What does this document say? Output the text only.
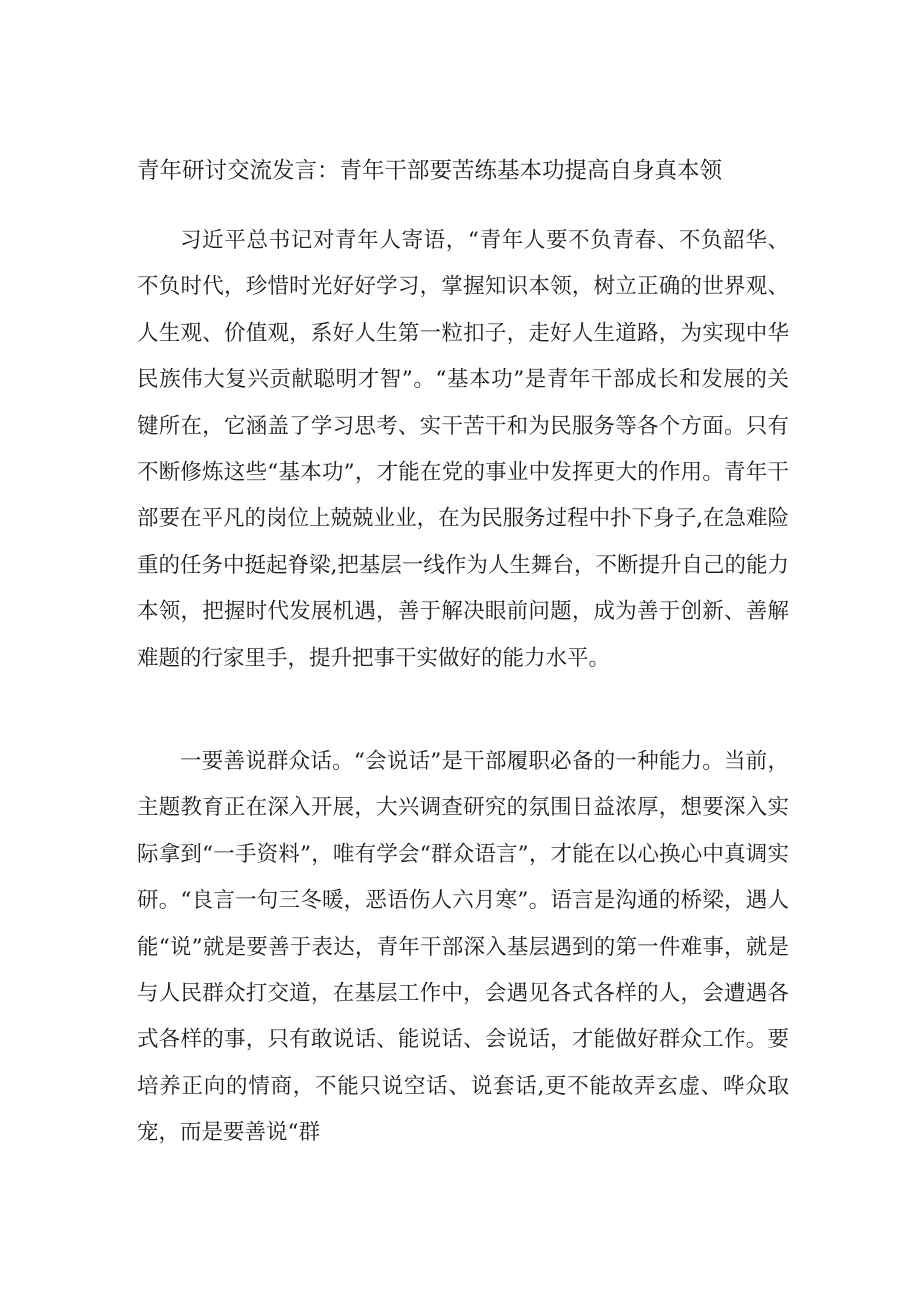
青年研讨交流发言：青年干部要苦练基本功提高自身真本领

习近平总书记对青年人寄语，“青年人要不负青春、不负韶华、不负时代，珍惜时光好好学习，掌握知识本领，树立正确的世界观、人生观、价值观，系好人生第一粒扣子，走好人生道路，为实现中华民族伟大复兴贡献聪明才智”。“基本功”是青年干部成长和发展的关键所在，它涵盖了学习思考、实干苦干和为民服务等各个方面。只有不断修炼这些“基本功”，才能在党的事业中发挥更大的作用。青年干部要在平凡的岗位上兢兢业业，在为民服务过程中扑下身子,在急难险重的任务中挺起脊梁,把基层一线作为人生舞台，不断提升自己的能力本领，把握时代发展机遇，善于解决眼前问题，成为善于创新、善解难题的行家里手，提升把事干实做好的能力水平。

一要善说群众话。“会说话”是干部履职必备的一种能力。当前，主题教育正在深入开展，大兴调查研究的氛围日益浓厚，想要深入实际拿到“一手资料”，唯有学会“群众语言”，才能在以心换心中真调实研。“良言一句三冬暖，恶语伤人六月寒”。语言是沟通的桥梁，遇人能“说”就是要善于表达，青年干部深入基层遇到的第一件难事，就是与人民群众打交道，在基层工作中，会遇见各式各样的人，会遭遇各式各样的事，只有敢说话、能说话、会说话，才能做好群众工作。要培养正向的情商，不能只说空话、说套话,更不能故弄玄虚、哗众取宠，而是要善说“群
